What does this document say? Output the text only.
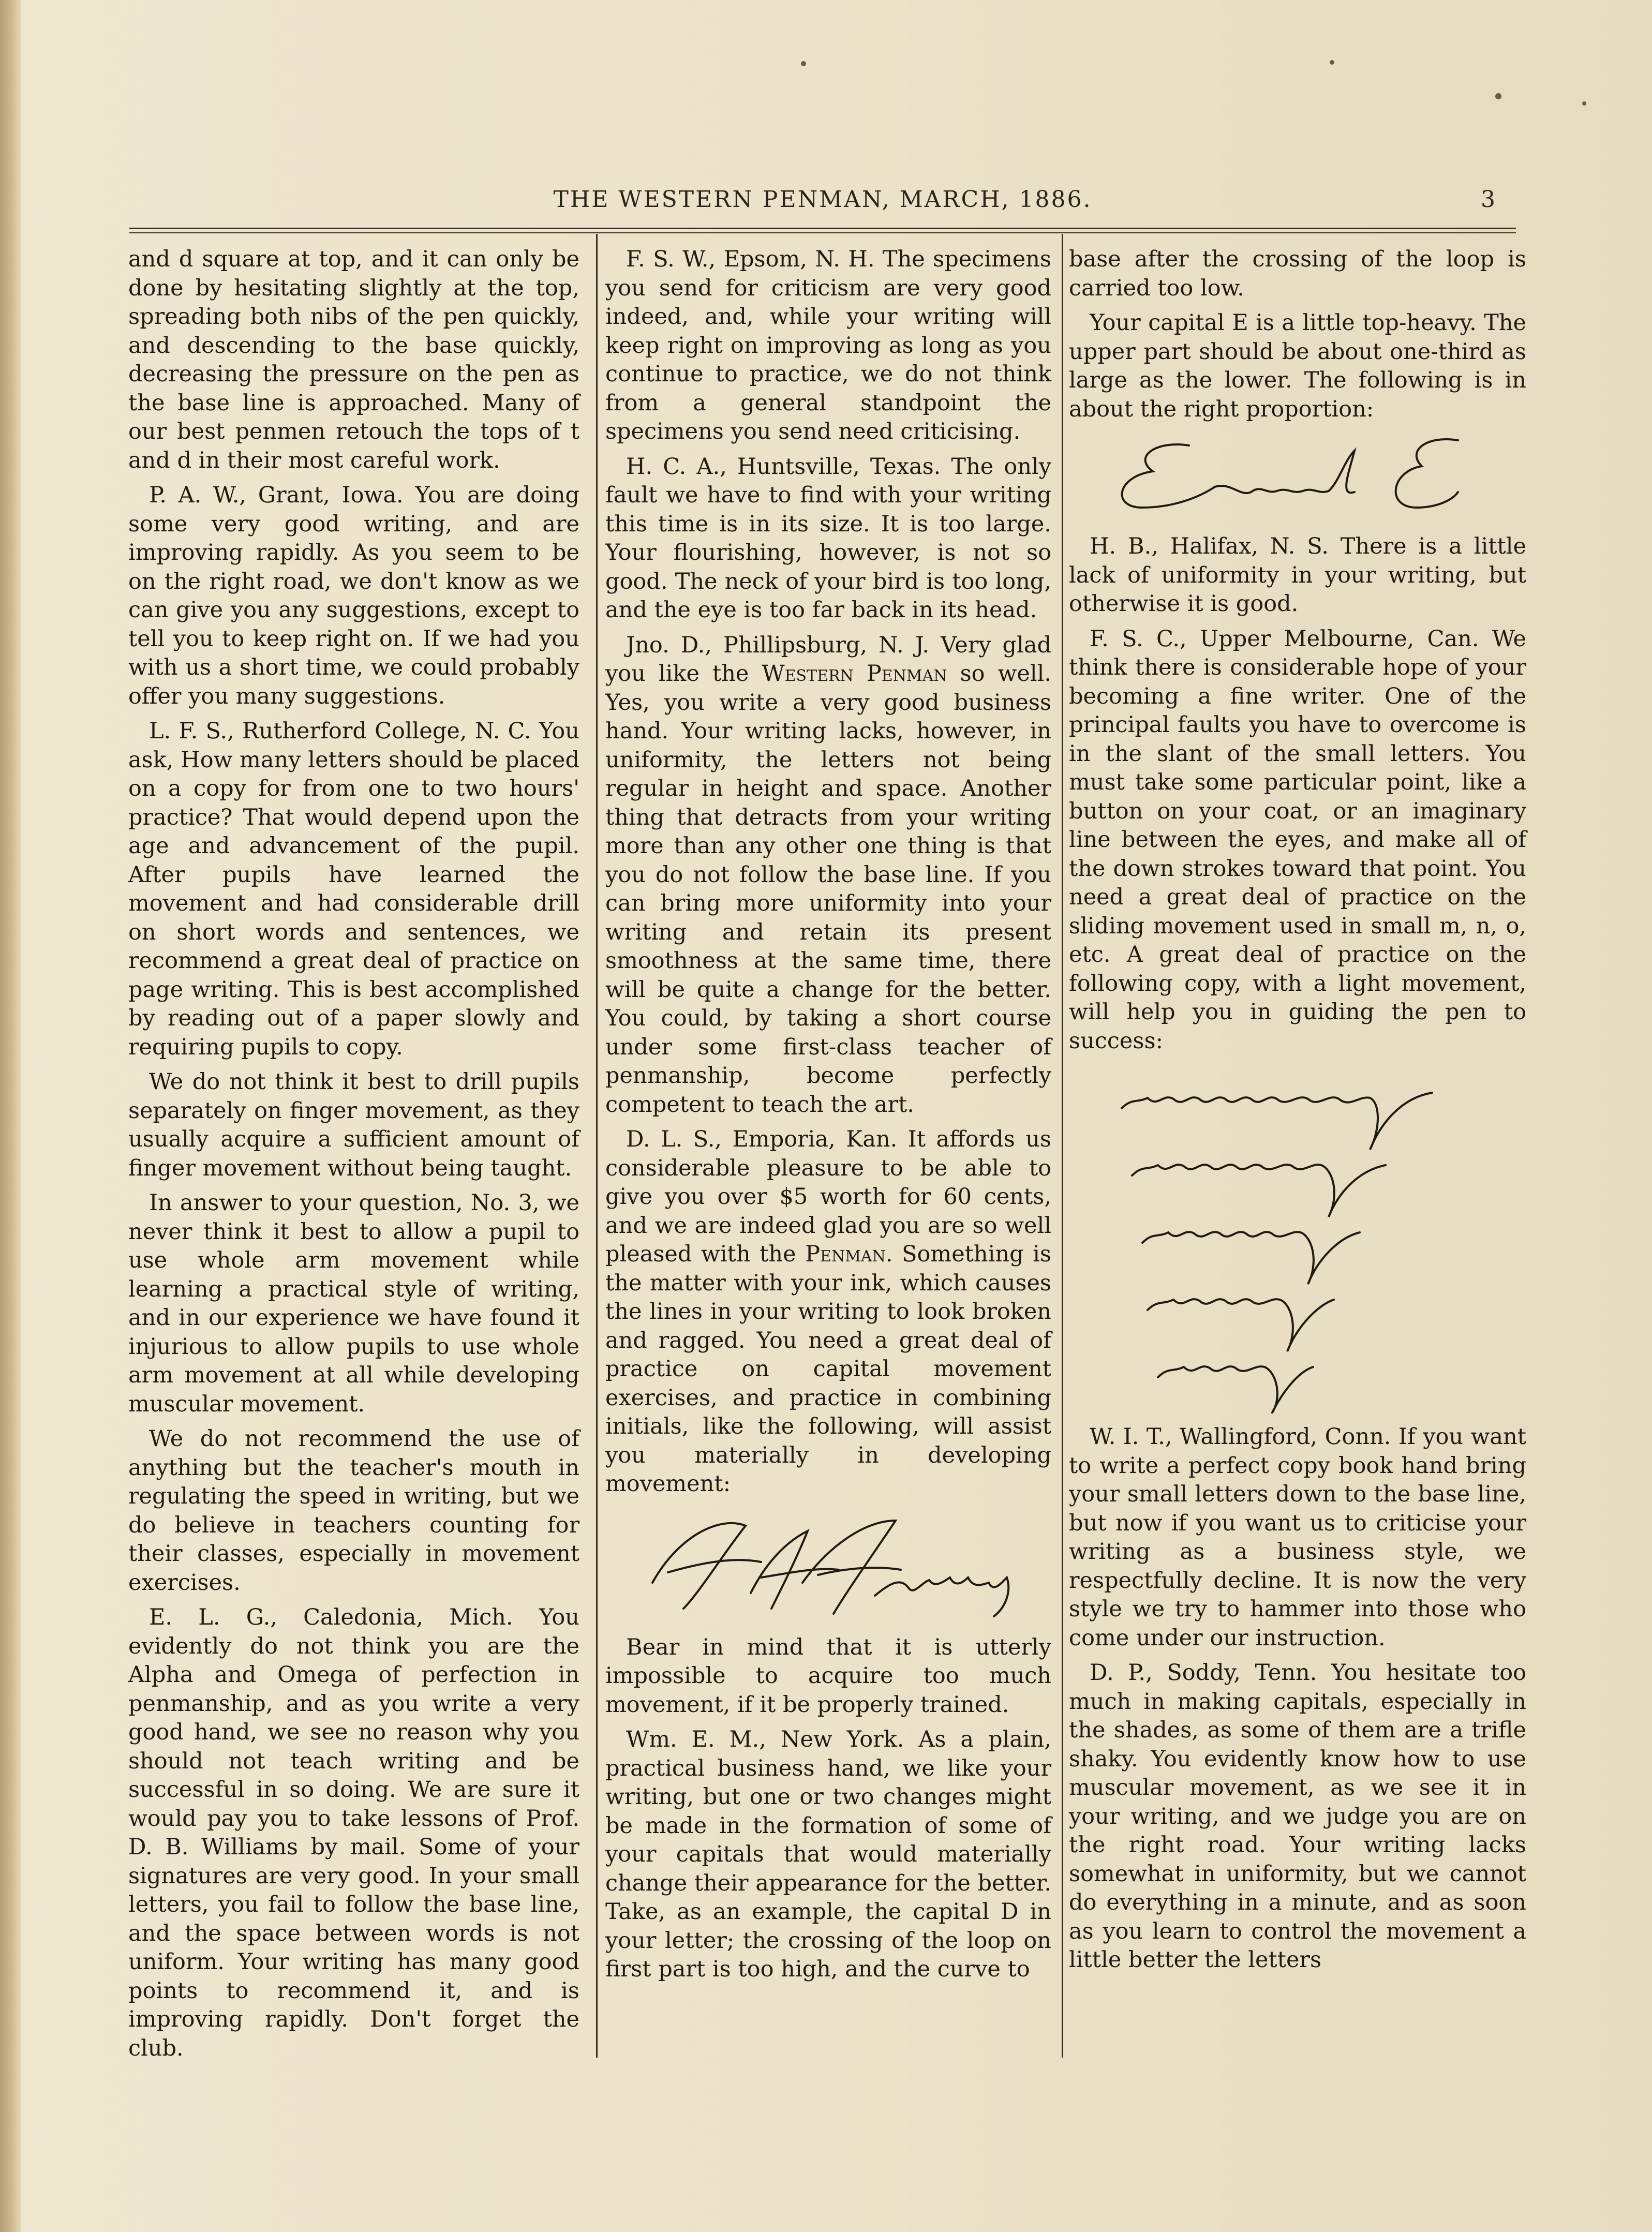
THE WESTERN PENMAN, MARCH, 1886.	3

and d square at top, and it can only be done by hesitating slightly at the top, spreading both nibs of the pen quickly, and descending to the base quickly, decreasing the pressure on the pen as the base line is approached. Many of our best penmen retouch the tops of t and d in their most careful work.

P. A. W., Grant, Iowa. You are doing some very good writing, and are improving rapidly. As you seem to be on the right road, we don't know as we can give you any suggestions, except to tell you to keep right on. If we had you with us a short time, we could probably offer you many suggestions.

L. F. S., Rutherford College, N. C. You ask, How many letters should be placed on a copy for from one to two hours' practice? That would depend upon the age and advancement of the pupil. After pupils have learned the movement and had considerable drill on short words and sentences, we recommend a great deal of practice on page writing. This is best accomplished by reading out of a paper slowly and requiring pupils to copy.

We do not think it best to drill pupils separately on finger movement, as they usually acquire a sufficient amount of finger movement without being taught.

In answer to your question, No. 3, we never think it best to allow a pupil to use whole arm movement while learning a practical style of writing, and in our experience we have found it injurious to allow pupils to use whole arm movement at all while developing muscular movement.

We do not recommend the use of anything but the teacher's mouth in regulating the speed in writing, but we do believe in teachers counting for their classes, especially in movement exercises.

E. L. G., Caledonia, Mich. You evidently do not think you are the Alpha and Omega of perfection in penmanship, and as you write a very good hand, we see no reason why you should not teach writing and be successful in so doing. We are sure it would pay you to take lessons of Prof. D. B. Williams by mail. Some of your signatures are very good. In your small letters, you fail to follow the base line, and the space between words is not uniform. Your writing has many good points to recommend it, and is improving rapidly. Don't forget the club.

F. S. W., Epsom, N. H. The specimens you send for criticism are very good indeed, and, while your writing will keep right on improving as long as you continue to practice, we do not think from a general standpoint the specimens you send need criticising.

H. C. A., Huntsville, Texas. The only fault we have to find with your writing this time is in its size. It is too large. Your flourishing, however, is not so good. The neck of your bird is too long, and the eye is too far back in its head.

Jno. D., Phillipsburg, N. J. Very glad you like the Western Penman so well. Yes, you write a very good business hand. Your writing lacks, however, in uniformity, the letters not being regular in height and space. Another thing that detracts from your writing more than any other one thing is that you do not follow the base line. If you can bring more uniformity into your writing and retain its present smoothness at the same time, there will be quite a change for the better. You could, by taking a short course under some first-class teacher of penmanship, become perfectly competent to teach the art.

D. L. S., Emporia, Kan. It affords us considerable pleasure to be able to give you over $5 worth for 60 cents, and we are indeed glad you are so well pleased with the Penman. Something is the matter with your ink, which causes the lines in your writing to look broken and ragged. You need a great deal of practice on capital movement exercises, and practice in combining initials, like the following, will assist you materially in developing movement:

Bear in mind that it is utterly impossible to acquire too much movement, if it be properly trained.

Wm. E. M., New York. As a plain, practical business hand, we like your writing, but one or two changes might be made in the formation of some of your capitals that would materially change their appearance for the better. Take, as an example, the capital D in your letter; the crossing of the loop on first part is too high, and the curve to

base after the crossing of the loop is carried too low.

Your capital E is a little top-heavy. The upper part should be about one-third as large as the lower. The following is in about the right proportion:

H. B., Halifax, N. S. There is a little lack of uniformity in your writing, but otherwise it is good.

F. S. C., Upper Melbourne, Can. We think there is considerable hope of your becoming a fine writer. One of the principal faults you have to overcome is in the slant of the small letters. You must take some particular point, like a button on your coat, or an imaginary line between the eyes, and make all of the down strokes toward that point. You need a great deal of practice on the sliding movement used in small m, n, o, etc. A great deal of practice on the following copy, with a light movement, will help you in guiding the pen to success:

W. I. T., Wallingford, Conn. If you want to write a perfect copy book hand bring your small letters down to the base line, but now if you want us to criticise your writing as a business style, we respectfully decline. It is now the very style we try to hammer into those who come under our instruction.

D. P., Soddy, Tenn. You hesitate too much in making capitals, especially in the shades, as some of them are a trifle shaky. You evidently know how to use muscular movement, as we see it in your writing, and we judge you are on the right road. Your writing lacks somewhat in uniformity, but we cannot do everything in a minute, and as soon as you learn to control the movement a little better the letters
